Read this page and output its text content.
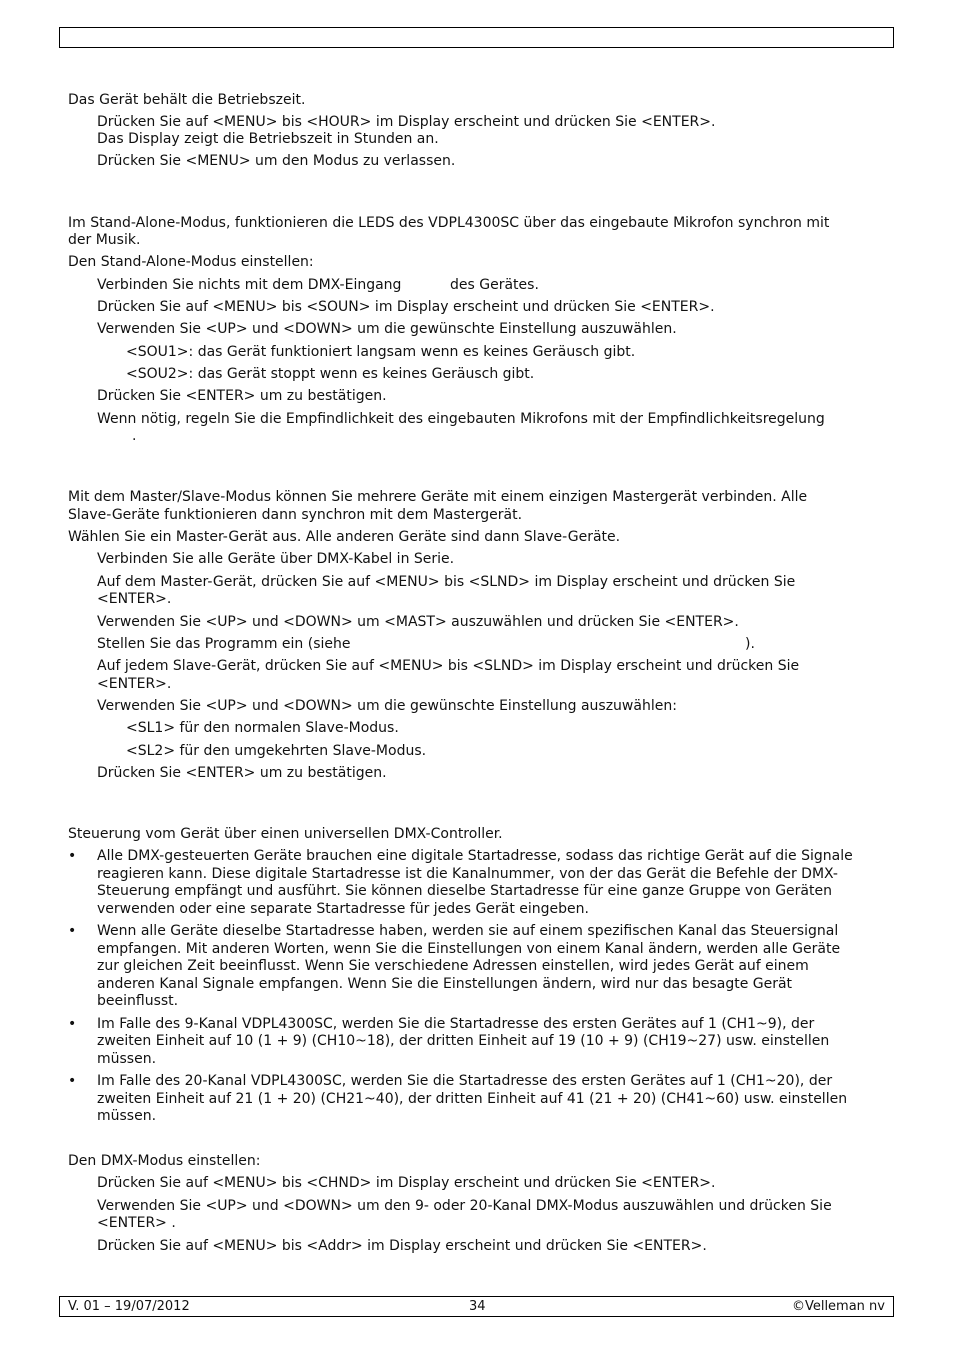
Das Gerät behält die Betriebszeit.
Drücken Sie auf <MENU> bis <HOUR> im Display erscheint und drücken Sie <ENTER>.
Das Display zeigt die Betriebszeit in Stunden an.
Drücken Sie <MENU> um den Modus zu verlassen.
Im Stand-Alone-Modus, funktionieren die LEDS des VDPL4300SC über das eingebaute Mikrofon synchron mit
der Musik.
Den Stand-Alone-Modus einstellen:
Verbinden Sie nichts mit dem DMX-Eingang	des Gerätes.
Drücken Sie auf <MENU> bis <SOUN> im Display erscheint und drücken Sie <ENTER>.
Verwenden Sie <UP> und <DOWN> um die gewünschte Einstellung auszuwählen.
<SOU1>: das Gerät funktioniert langsam wenn es keines Geräusch gibt.
<SOU2>: das Gerät stoppt wenn es keines Geräusch gibt.
Drücken Sie <ENTER> um zu bestätigen.
Wenn nötig, regeln Sie die Empfindlichkeit des eingebauten Mikrofons mit der Empfindlichkeitsregelung
.
Mit dem Master/Slave-Modus können Sie mehrere Geräte mit einem einzigen Mastergerät verbinden. Alle
Slave-Geräte funktionieren dann synchron mit dem Mastergerät.
Wählen Sie ein Master-Gerät aus. Alle anderen Geräte sind dann Slave-Geräte.
Verbinden Sie alle Geräte über DMX-Kabel in Serie.
Auf dem Master-Gerät, drücken Sie auf <MENU> bis <SLND> im Display erscheint und drücken Sie
<ENTER>.
Verwenden Sie <UP> und <DOWN> um <MAST> auszuwählen und drücken Sie <ENTER>.
Stellen Sie das Programm ein (siehe	).
Auf jedem Slave-Gerät, drücken Sie auf <MENU> bis <SLND> im Display erscheint und drücken Sie
<ENTER>.
Verwenden Sie <UP> und <DOWN> um die gewünschte Einstellung auszuwählen:
<SL1> für den normalen Slave-Modus.
<SL2> für den umgekehrten Slave-Modus.
Drücken Sie <ENTER> um zu bestätigen.
Steuerung vom Gerät über einen universellen DMX-Controller.
• Alle DMX-gesteuerten Geräte brauchen eine digitale Startadresse, sodass das richtige Gerät auf die Signale
reagieren kann. Diese digitale Startadresse ist die Kanalnummer, von der das Gerät die Befehle der DMX-
Steuerung empfängt und ausführt. Sie können dieselbe Startadresse für eine ganze Gruppe von Geräten
verwenden oder eine separate Startadresse für jedes Gerät eingeben.
• Wenn alle Geräte dieselbe Startadresse haben, werden sie auf einem spezifischen Kanal das Steuersignal
empfangen. Mit anderen Worten, wenn Sie die Einstellungen von einem Kanal ändern, werden alle Geräte
zur gleichen Zeit beeinflusst. Wenn Sie verschiedene Adressen einstellen, wird jedes Gerät auf einem
anderen Kanal Signale empfangen. Wenn Sie die Einstellungen ändern, wird nur das besagte Gerät
beeinflusst.
• Im Falle des 9-Kanal VDPL4300SC, werden Sie die Startadresse des ersten Gerätes auf 1 (CH1~9), der
zweiten Einheit auf 10 (1 + 9) (CH10~18), der dritten Einheit auf 19 (10 + 9) (CH19~27) usw. einstellen
müssen.
• Im Falle des 20-Kanal VDPL4300SC, werden Sie die Startadresse des ersten Gerätes auf 1 (CH1~20), der
zweiten Einheit auf 21 (1 + 20) (CH21~40), der dritten Einheit auf 41 (21 + 20) (CH41~60) usw. einstellen
müssen.
Den DMX-Modus einstellen:
Drücken Sie auf <MENU> bis <CHND> im Display erscheint und drücken Sie <ENTER>.
Verwenden Sie <UP> und <DOWN> um den 9- oder 20-Kanal DMX-Modus auszuwählen und drücken Sie
<ENTER> .
Drücken Sie auf <MENU> bis <Addr> im Display erscheint und drücken Sie <ENTER>.
V. 01 – 19/07/2012	34	©Velleman nv
